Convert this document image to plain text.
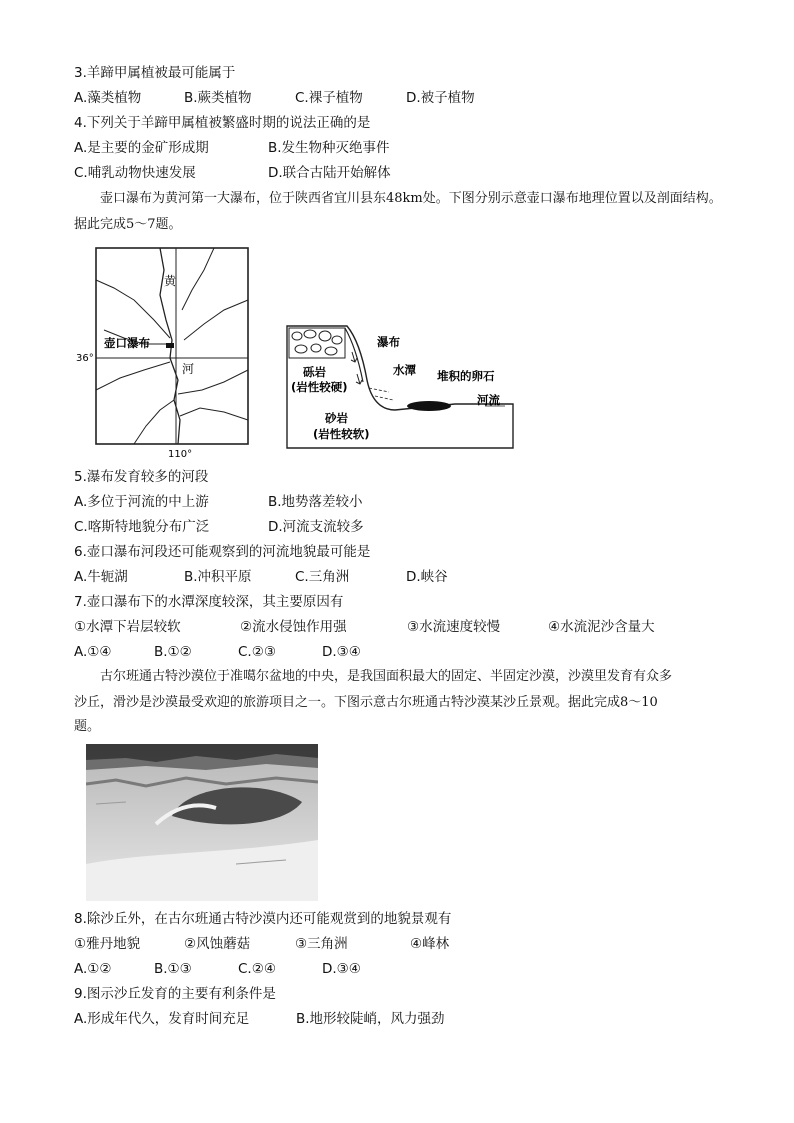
3.羊蹄甲属植被最可能属于
A.藻类植物	B.蕨类植物	C.裸子植物	D.被子植物
4.下列关于羊蹄甲属植被繁盛时期的说法正确的是
A.是主要的金矿形成期	B.发生物种灭绝事件
C.哺乳动物快速发展	D.联合古陆开始解体
壶口瀑布为黄河第一大瀑布，位于陕西省宜川县东48km处。下图分别示意壶口瀑布地理位置以及剖面结构。据此完成5～7题。
黄
河
壶口瀑布
36°
110°
瀑布
砾岩
(岩性较硬)
水潭 堆积的卵石
河流
砂岩
(岩性较软)
5.瀑布发育较多的河段
A.多位于河流的中上游	B.地势落差较小
C.喀斯特地貌分布广泛	D.河流支流较多
6.壶口瀑布河段还可能观察到的河流地貌最可能是
A.牛轭湖	B.冲积平原	C.三角洲	D.峡谷
7.壶口瀑布下的水潭深度较深，其主要原因有
①水潭下岩层较软	②流水侵蚀作用强	③水流速度较慢	④水流泥沙含量大
A.①④	B.①②	C.②③	D.③④
古尔班通古特沙漠位于准噶尔盆地的中央，是我国面积最大的固定、半固定沙漠，沙漠里发育有众多
沙丘，滑沙是沙漠最受欢迎的旅游项目之一。下图示意古尔班通古特沙漠某沙丘景观。据此完成8～10
题。
8.除沙丘外，在古尔班通古特沙漠内还可能观赏到的地貌景观有
①雅丹地貌	②风蚀蘑菇	③三角洲	④峰林
A.①②	B.①③	C.②④	D.③④
9.图示沙丘发育的主要有利条件是
A.形成年代久，发育时间充足	B.地形较陡峭，风力强劲
